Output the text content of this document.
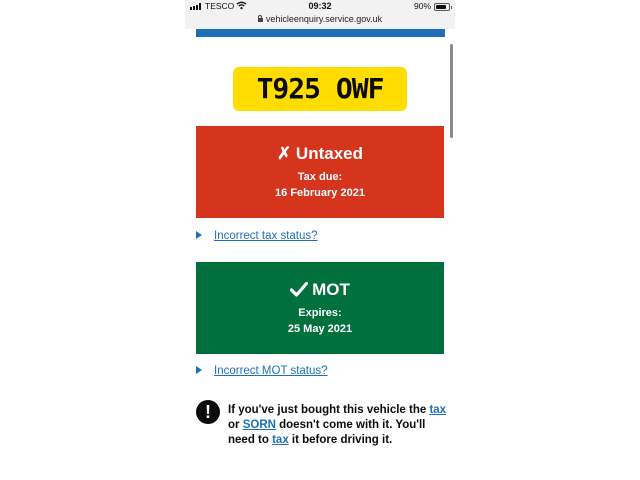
TESCO	09:32	90%
vehicleenquiry.service.gov.uk
T925 OWF
✗ Untaxed
Tax due:
16 February 2021
Incorrect tax status?
MOT
Expires:
25 May 2021
Incorrect MOT status?
!	If you've just bought this vehicle the tax
or SORN doesn't come with it. You'll need to tax it before driving it.
